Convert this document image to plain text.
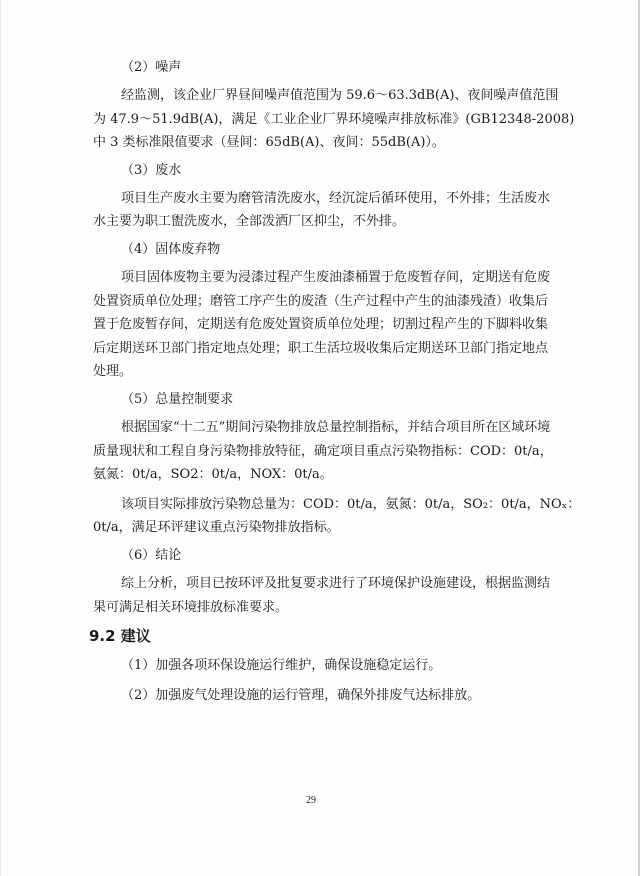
（2）噪声
经监测，该企业厂界昼间噪声值范围为 59.6～63.3dB(A)、夜间噪声值范围
为 47.9～51.9dB(A)，满足《工业企业厂界环境噪声排放标准》(GB12348-2008)
中 3 类标准限值要求（昼间：65dB(A)、夜间：55dB(A)）。
（3）废水
项目生产废水主要为磨管清洗废水，经沉淀后循环使用，不外排；生活废水
水主要为职工盥洗废水，全部泼洒厂区抑尘，不外排。
（4）固体废弃物
项目固体废物主要为浸漆过程产生废油漆桶置于危废暂存间，定期送有危废
处置资质单位处理；磨管工序产生的废渣（生产过程中产生的油漆残渣）收集后
置于危废暂存间，定期送有危废处置资质单位处理；切割过程产生的下脚料收集
后定期送环卫部门指定地点处理；职工生活垃圾收集后定期送环卫部门指定地点
处理。
（5）总量控制要求
根据国家“十二五”期间污染物排放总量控制指标，并结合项目所在区域环境
质量现状和工程自身污染物排放特征，确定项目重点污染物指标：COD：0t/a，
氨氮：0t/a，SO2：0t/a，NOX：0t/a。
该项目实际排放污染物总量为：COD：0t/a，氨氮：0t/a，SO₂：0t/a，NOₓ：
0t/a，满足环评建议重点污染物排放指标。
（6）结论
综上分析，项目已按环评及批复要求进行了环境保护设施建设，根据监测结
果可满足相关环境排放标准要求。
9.2 建议
（1）加强各项环保设施运行维护，确保设施稳定运行。
（2）加强废气处理设施的运行管理，确保外排废气达标排放。
29
